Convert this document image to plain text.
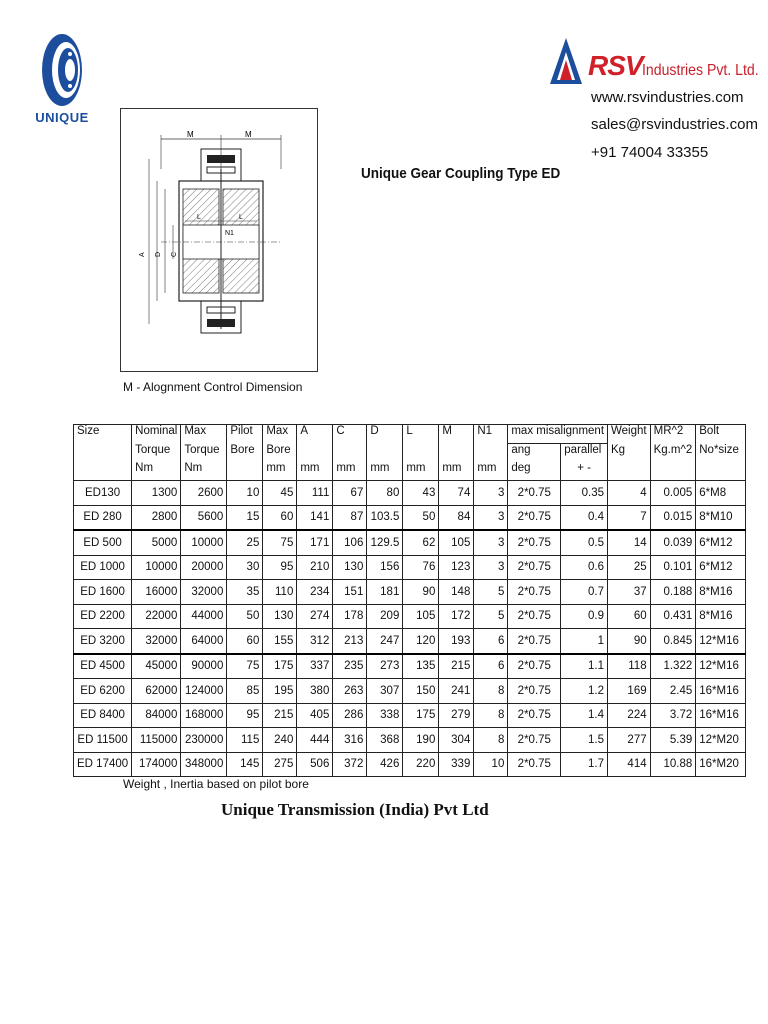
UNIQUE
RSV Industries Pvt. Ltd.
www.rsvindustries.com
sales@rsvindustries.com
+91 74004 33355
M	M
L	L
N1
A D C
Unique Gear Coupling Type ED
M - Alognment Control Dimension
Size	Nominal	Max	Pilot	Max	A	C	D	L	M	N1	max misalignment		Weight	MR^2	Bolt
	Torque	Torque	Bore	Bore							ang	parallel	Kg	Kg.m^2	No*size
	Nm	Nm		mm	mm	mm	mm	mm	mm	mm	deg	+ -			
ED130	1300	2600	10	45	111	67	80	43	74	3	2*0.75	0.35	4	0.005	6*M8
ED 280	2800	5600	15	60	141	87	103.5	50	84	3	2*0.75	0.4	7	0.015	8*M10
ED 500	5000	10000	25	75	171	106	129.5	62	105	3	2*0.75	0.5	14	0.039	6*M12
ED 1000	10000	20000	30	95	210	130	156	76	123	3	2*0.75	0.6	25	0.101	6*M12
ED 1600	16000	32000	35	110	234	151	181	90	148	5	2*0.75	0.7	37	0.188	8*M16
ED 2200	22000	44000	50	130	274	178	209	105	172	5	2*0.75	0.9	60	0.431	8*M16
ED 3200	32000	64000	60	155	312	213	247	120	193	6	2*0.75	1	90	0.845	12*M16
ED 4500	45000	90000	75	175	337	235	273	135	215	6	2*0.75	1.1	118	1.322	12*M16
ED 6200	62000	124000	85	195	380	263	307	150	241	8	2*0.75	1.2	169	2.45	16*M16
ED 8400	84000	168000	95	215	405	286	338	175	279	8	2*0.75	1.4	224	3.72	16*M16
ED 11500	115000	230000	115	240	444	316	368	190	304	8	2*0.75	1.5	277	5.39	12*M20
ED 17400	174000	348000	145	275	506	372	426	220	339	10	2*0.75	1.7	414	10.88	16*M20
Weight , Inertia based on pilot bore
Unique Transmission (India) Pvt Ltd
